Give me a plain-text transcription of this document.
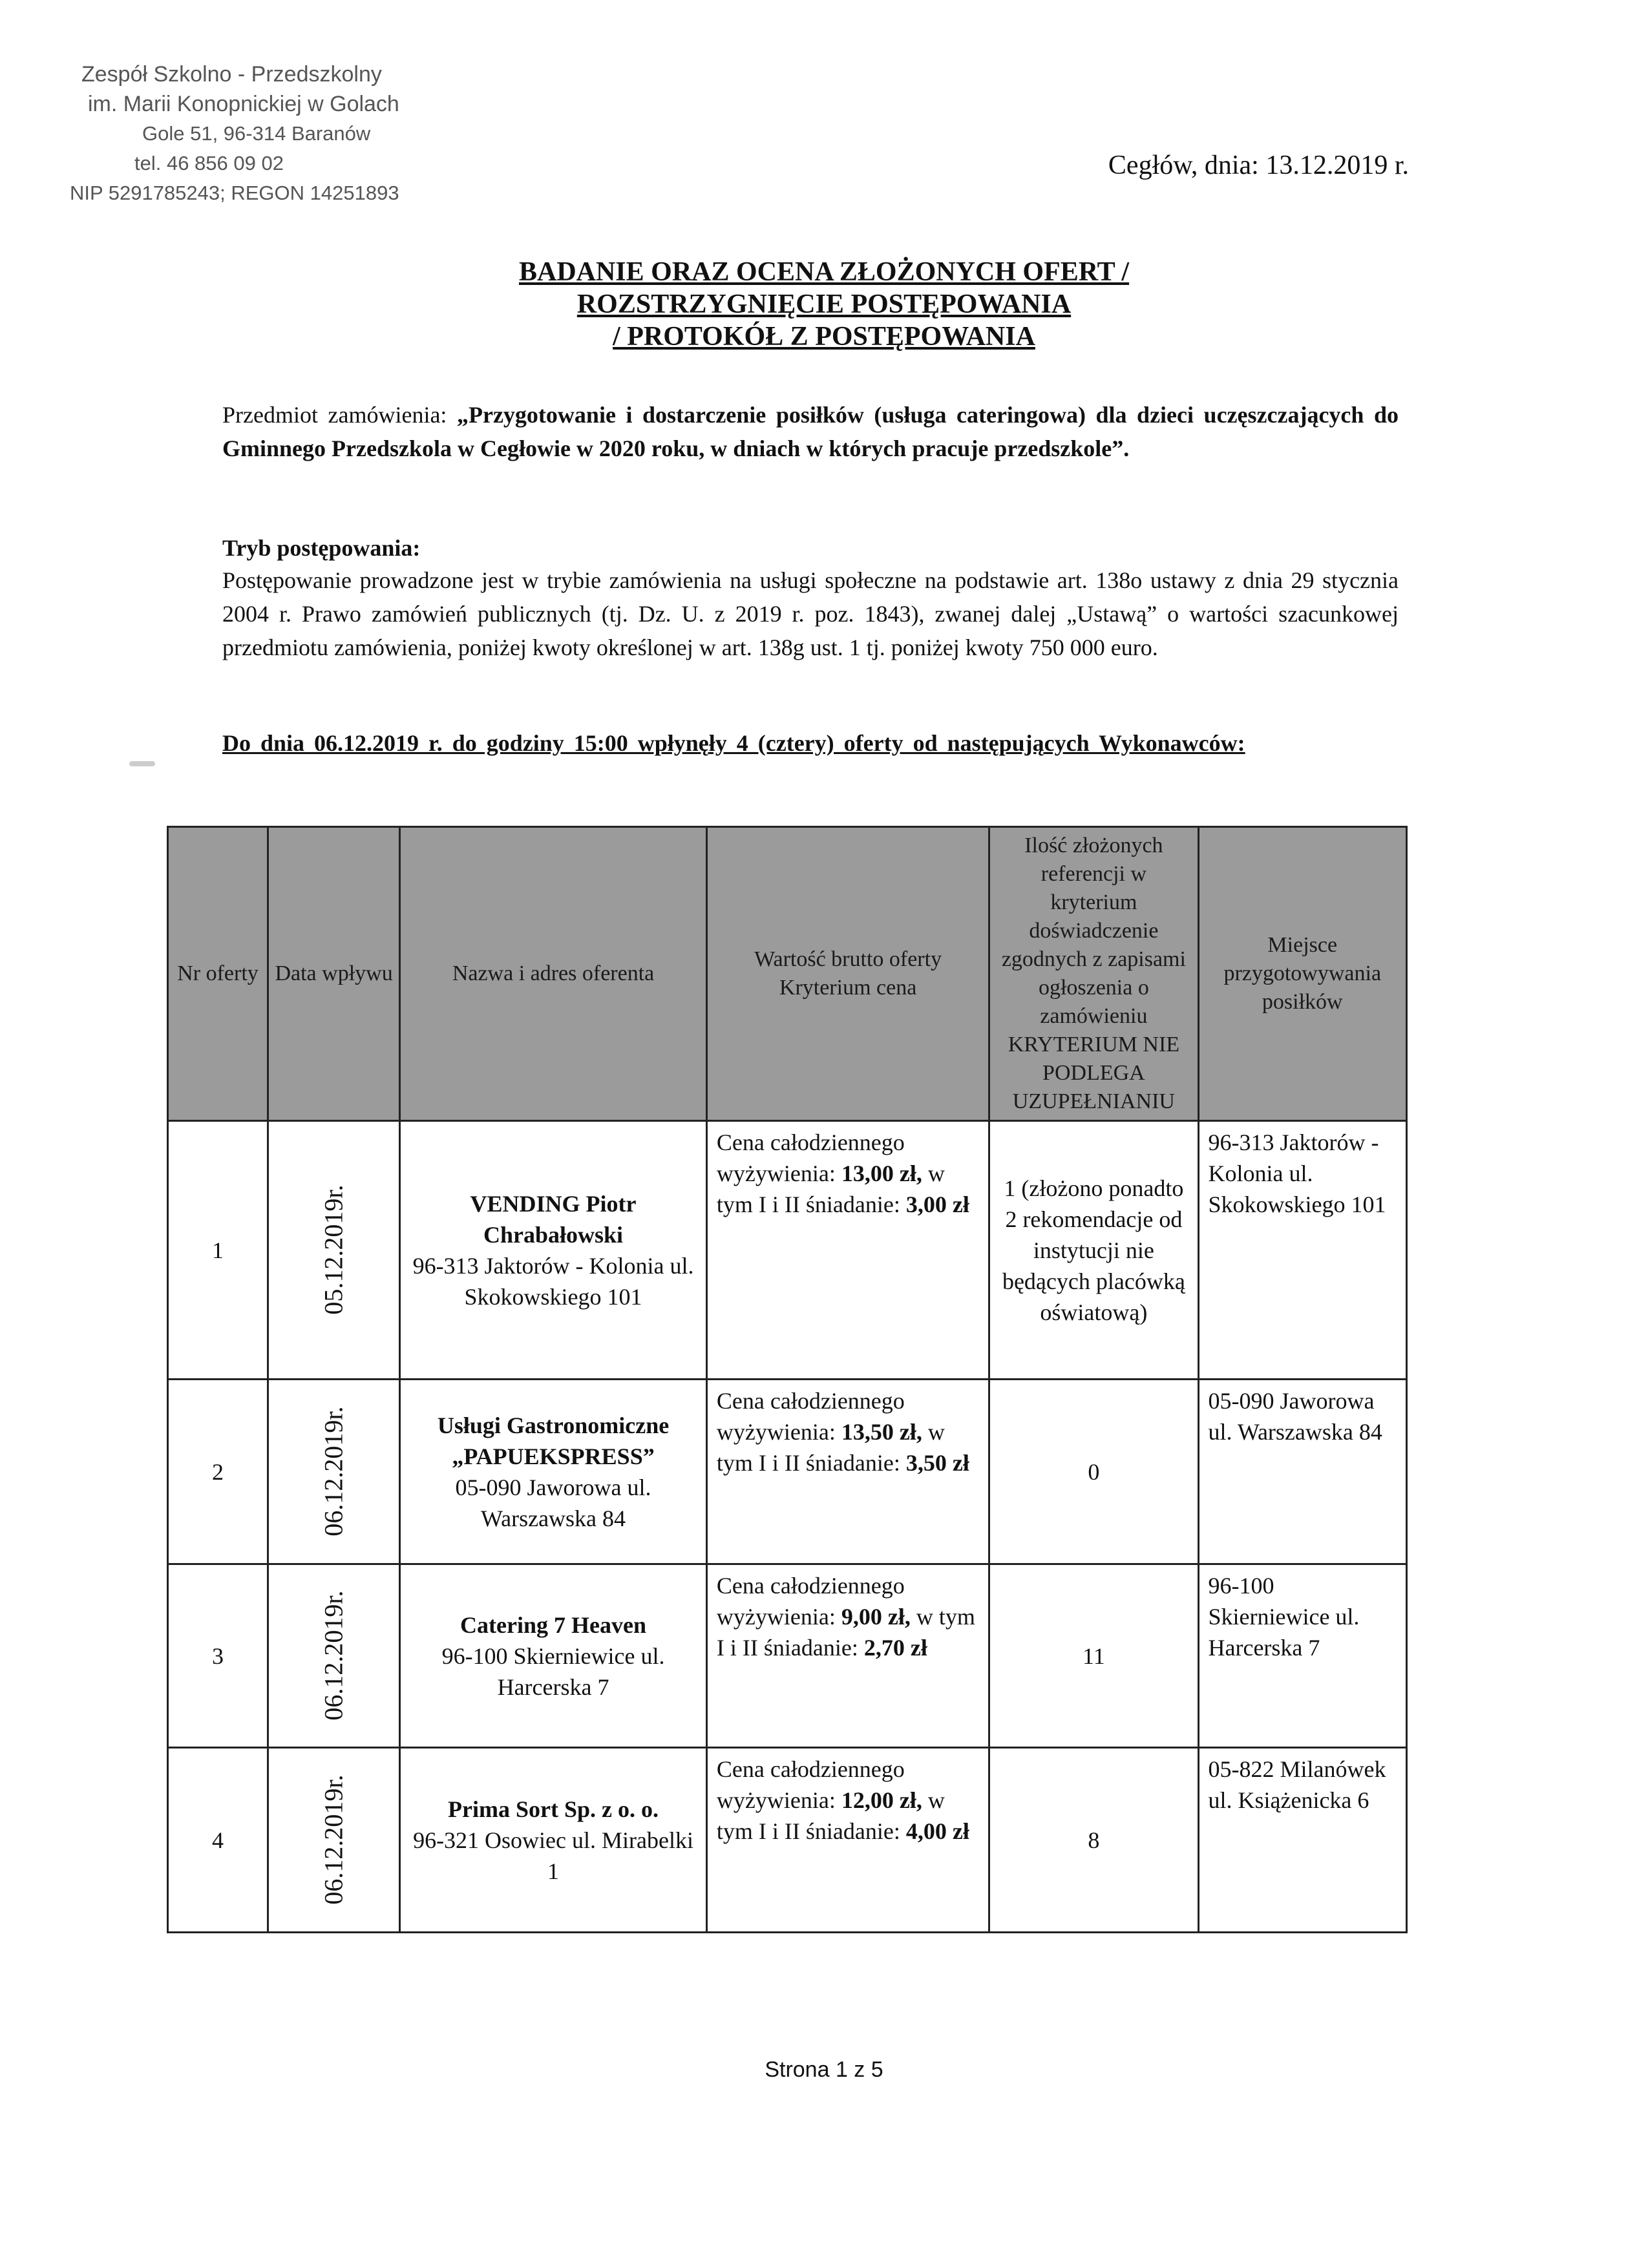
Zespół Szkolno - Przedszkolny
im. Marii Konopnickiej w Golach
Gole 51, 96-314 Baranów
tel. 46 856 09 02
NIP 5291785243; REGON 14251893
Cegłów, dnia: 13.12.2019 r.
BADANIE ORAZ OCENA ZŁOŻONYCH OFERT /
ROZSTRZYGNIĘCIE POSTĘPOWANIA
/ PROTOKÓŁ Z POSTĘPOWANIA
Przedmiot zamówienia: „Przygotowanie i dostarczenie posiłków (usługa cateringowa) dla dzieci uczęszczających do Gminnego Przedszkola w Cegłowie w 2020 roku, w dniach w których pracuje przedszkole”.
Tryb postępowania:
Postępowanie prowadzone jest w trybie zamówienia na usługi społeczne na podstawie art. 138o ustawy z dnia 29 stycznia 2004 r. Prawo zamówień publicznych (tj. Dz. U. z 2019 r. poz. 1843), zwanej dalej „Ustawą” o wartości szacunkowej przedmiotu zamówienia, poniżej kwoty określonej w art. 138g ust. 1 tj. poniżej kwoty 750 000 euro.
Do dnia 06.12.2019 r. do godziny 15:00 wpłynęły 4 (cztery) oferty od następujących Wykonawców:
Nr oferty	Data wpływu	Nazwa i adres oferenta	Wartość brutto oferty Kryterium cena	Ilość złożonych referencji w kryterium doświadczenie zgodnych z zapisami ogłoszenia o zamówieniu KRYTERIUM NIE PODLEGA UZUPEŁNIANIU	Miejsce przygotowywania posiłków
1	05.12.2019r.	VENDING Piotr Chrabałowski
96-313 Jaktorów - Kolonia ul. Skokowskiego 101	Cena całodziennego wyżywienia: 13,00 zł, w tym I i II śniadanie: 3,00 zł	1 (złożono ponadto 2 rekomendacje od instytucji nie będących placówką oświatową)	96-313 Jaktorów - Kolonia ul. Skokowskiego 101
2	06.12.2019r.	Usługi Gastronomiczne „PAPUEKSPRESS”
05-090 Jaworowa ul. Warszawska 84	Cena całodziennego wyżywienia: 13,50 zł, w tym I i II śniadanie: 3,50 zł	0	05-090 Jaworowa ul. Warszawska 84
3	06.12.2019r.	Catering 7 Heaven
96-100 Skierniewice ul. Harcerska 7	Cena całodziennego wyżywienia: 9,00 zł, w tym I i II śniadanie: 2,70 zł	11	96-100 Skierniewice ul. Harcerska 7
4	06.12.2019r.	Prima Sort Sp. z o. o.
96-321 Osowiec ul. Mirabelki 1	Cena całodziennego wyżywienia: 12,00 zł, w tym I i II śniadanie: 4,00 zł	8	05-822 Milanówek ul. Książenicka 6
Strona 1 z 5
